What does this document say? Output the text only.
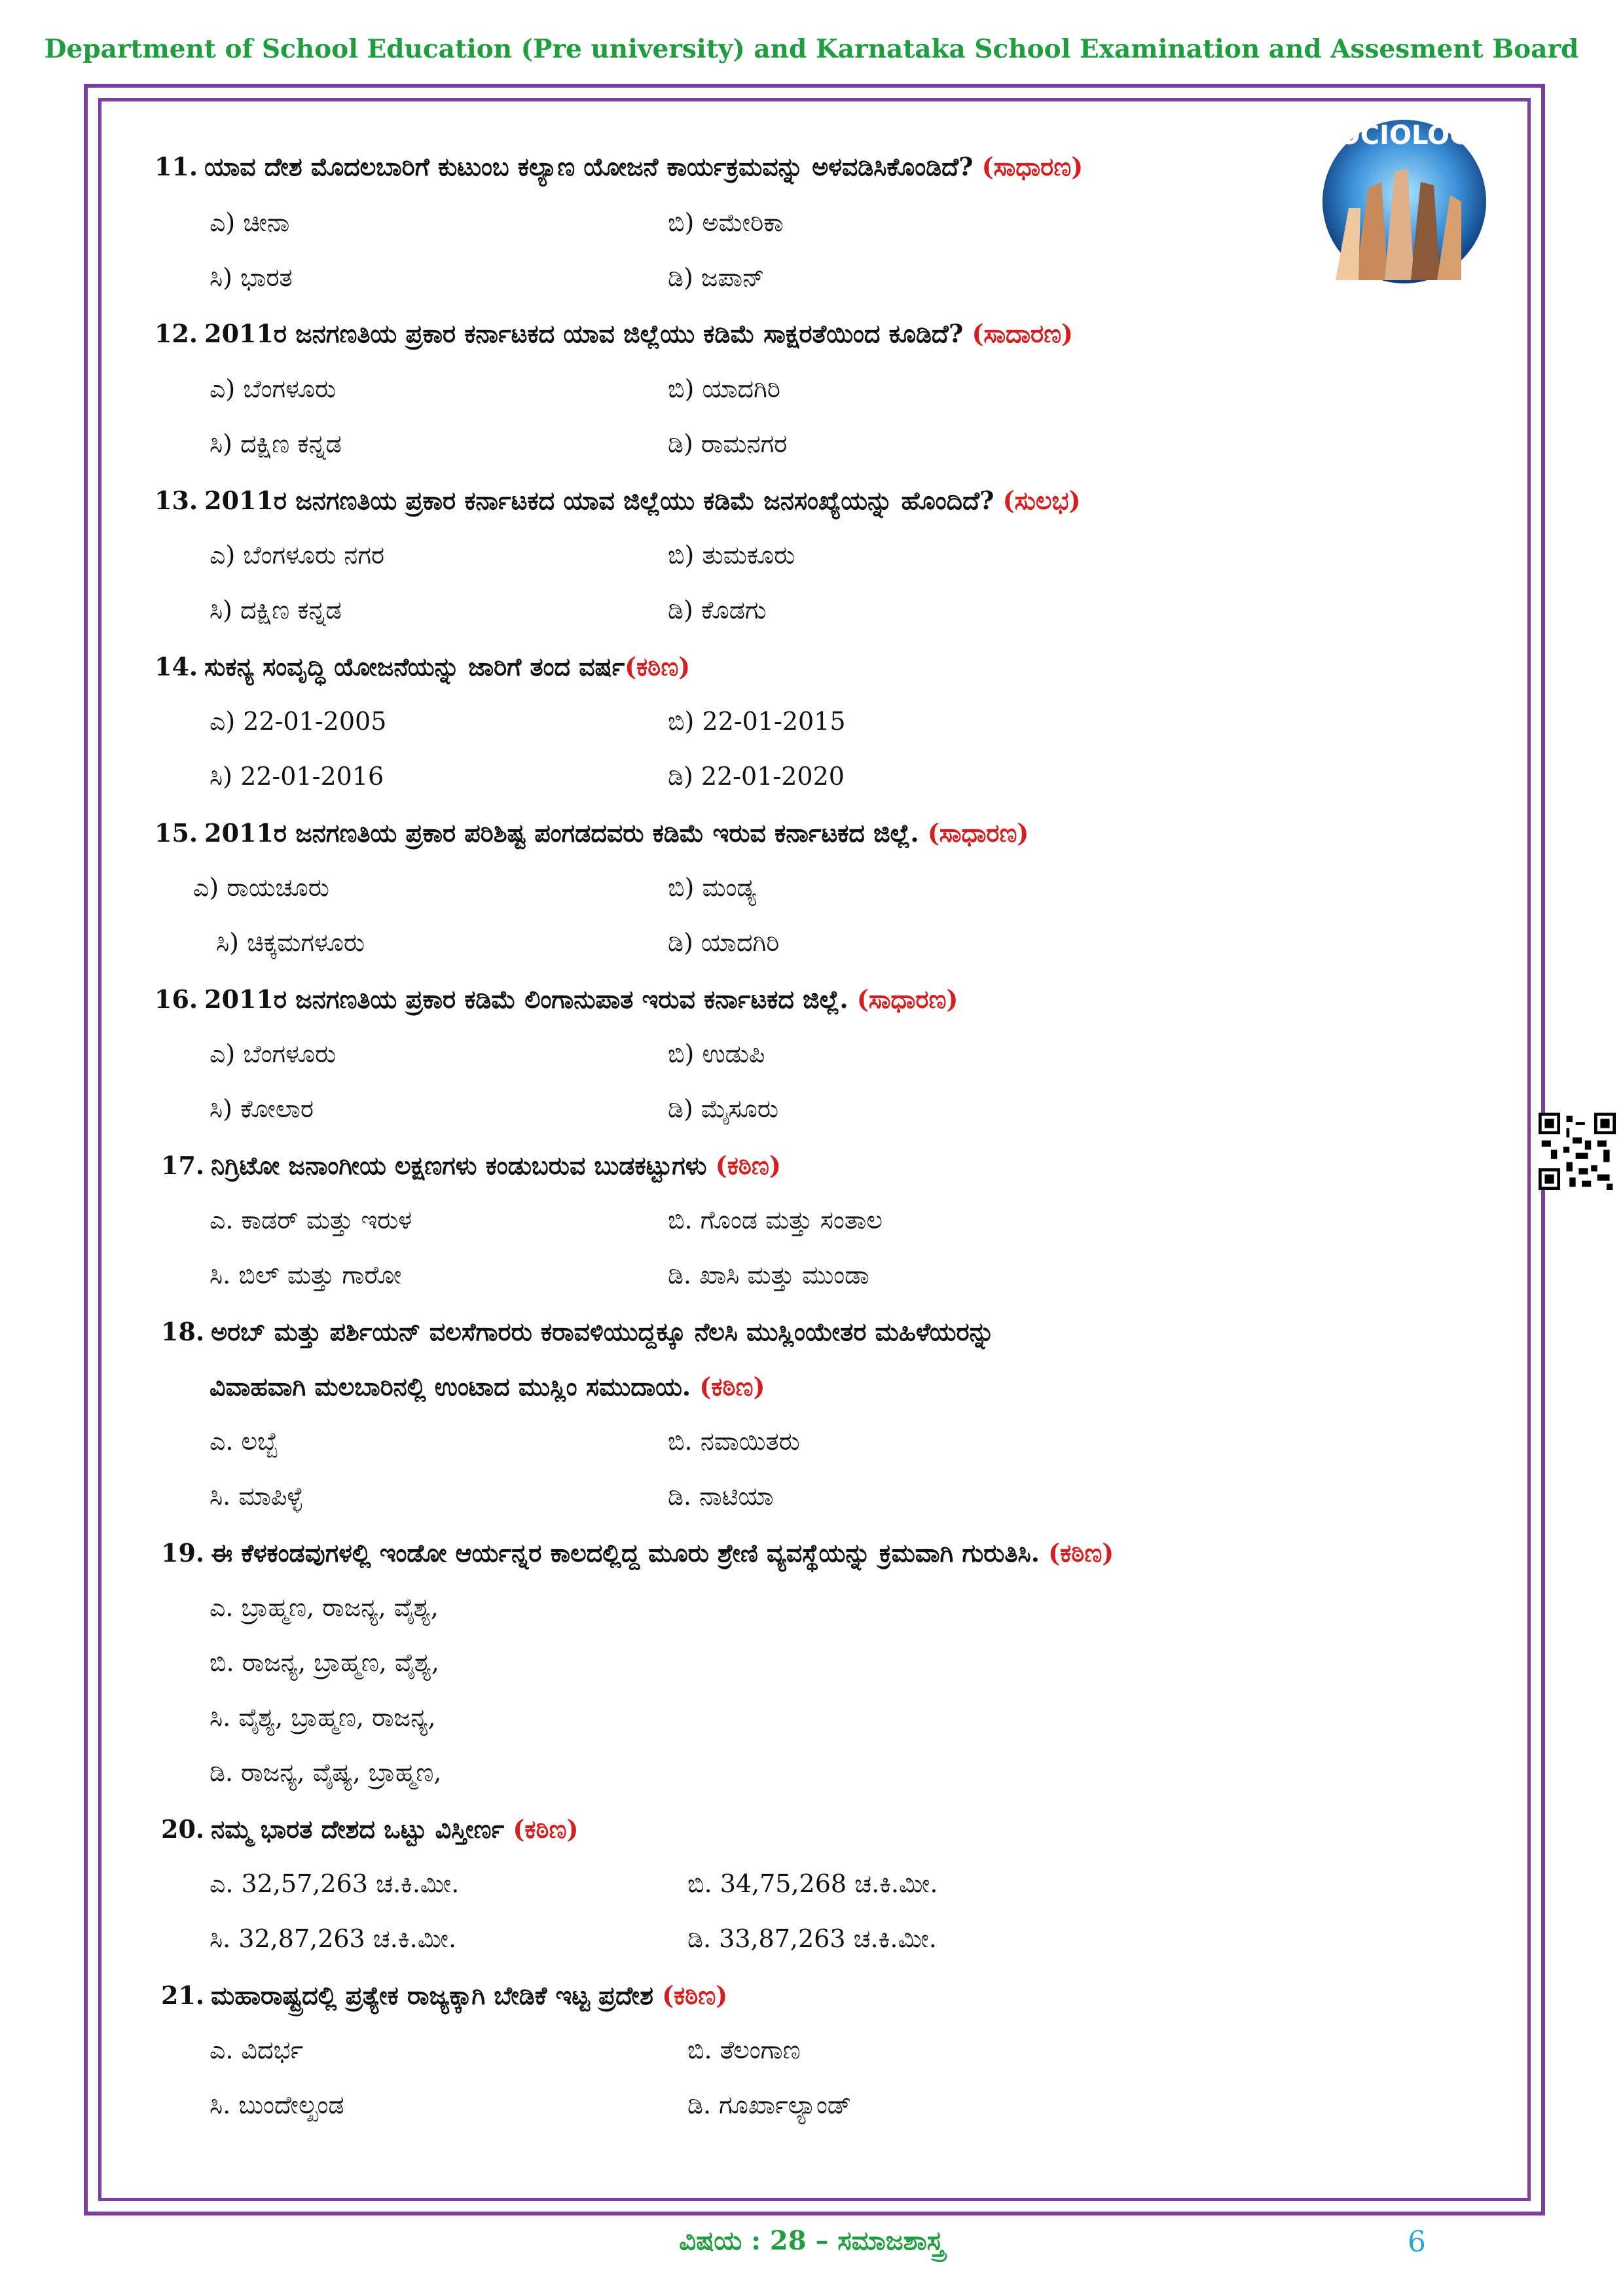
Department of School Education (Pre university) and Karnataka School Examination and Assesment Board
SOCIOLOGY
11. ಯಾವ ದೇಶ ಮೊದಲಬಾರಿಗೆ ಕುಟುಂಬ ಕಲ್ಯಾಣ ಯೋಜನೆ ಕಾರ್ಯಕ್ರಮವನ್ನು ಅಳವಡಿಸಿಕೊಂಡಿದೆ? (ಸಾಧಾರಣ)
ಎ) ಚೀನಾ	ಬಿ) ಅಮೇರಿಕಾ
ಸಿ) ಭಾರತ	ಡಿ) ಜಪಾನ್
12. 2011ರ ಜನಗಣತಿಯ ಪ್ರಕಾರ ಕರ್ನಾಟಕದ ಯಾವ ಜಿಲ್ಲೆಯು ಕಡಿಮೆ ಸಾಕ್ಷರತೆಯಿಂದ ಕೂಡಿದೆ? (ಸಾದಾರಣ)
ಎ) ಬೆಂಗಳೂರು	ಬಿ) ಯಾದಗಿರಿ
ಸಿ) ದಕ್ಷಿಣ ಕನ್ನಡ	ಡಿ) ರಾಮನಗರ
13. 2011ರ ಜನಗಣತಿಯ ಪ್ರಕಾರ ಕರ್ನಾಟಕದ ಯಾವ ಜಿಲ್ಲೆಯು ಕಡಿಮೆ ಜನಸಂಖ್ಯೆಯನ್ನು ಹೊಂದಿದೆ? (ಸುಲಭ)
ಎ) ಬೆಂಗಳೂರು ನಗರ	ಬಿ) ತುಮಕೂರು
ಸಿ) ದಕ್ಷಿಣ ಕನ್ನಡ	ಡಿ) ಕೊಡಗು
14. ಸುಕನ್ಯ ಸಂವೃದ್ಧಿ ಯೋಜನೆಯನ್ನು ಜಾರಿಗೆ ತಂದ ವರ್ಷ(ಕಠಿಣ)
ಎ) 22-01-2005	ಬಿ) 22-01-2015
ಸಿ) 22-01-2016	ಡಿ) 22-01-2020
15. 2011ರ ಜನಗಣತಿಯ ಪ್ರಕಾರ ಪರಿಶಿಷ್ಟ ಪಂಗಡದವರು ಕಡಿಮೆ ಇರುವ ಕರ್ನಾಟಕದ ಜಿಲ್ಲೆ. (ಸಾಧಾರಣ)
ಎ) ರಾಯಚೂರು	ಬಿ) ಮಂಡ್ಯ
ಸಿ) ಚಿಕ್ಕಮಗಳೂರು	ಡಿ) ಯಾದಗಿರಿ
16. 2011ರ ಜನಗಣತಿಯ ಪ್ರಕಾರ ಕಡಿಮೆ ಲಿಂಗಾನುಪಾತ ಇರುವ ಕರ್ನಾಟಕದ ಜಿಲ್ಲೆ. (ಸಾಧಾರಣ)
ಎ) ಬೆಂಗಳೂರು	ಬಿ) ಉಡುಪಿ
ಸಿ) ಕೋಲಾರ	ಡಿ) ಮೈಸೂರು
17. ನಿಗ್ರಿಟೋ ಜನಾಂಗೀಯ ಲಕ್ಷಣಗಳು ಕಂಡುಬರುವ ಬುಡಕಟ್ಟುಗಳು (ಕಠಿಣ)
ಎ. ಕಾಡರ್ ಮತ್ತು ಇರುಳ	ಬಿ. ಗೊಂಡ ಮತ್ತು ಸಂತಾಲ
ಸಿ. ಬಿಲ್ ಮತ್ತು ಗಾರೋ	ಡಿ. ಖಾಸಿ ಮತ್ತು ಮುಂಡಾ
18. ಅರಬ್ ಮತ್ತು ಪರ್ಶಿಯನ್ ವಲಸೆಗಾರರು ಕರಾವಳಿಯುದ್ದಕ್ಕೂ ನೆಲಸಿ ಮುಸ್ಲಿಂಯೇತರ ಮಹಿಳೆಯರನ್ನು
ವಿವಾಹವಾಗಿ ಮಲಬಾರಿನಲ್ಲಿ ಉಂಟಾದ ಮುಸ್ಲಿಂ ಸಮುದಾಯ. (ಕಠಿಣ)
ಎ. ಲಬ್ಬೆ	ಬಿ. ನವಾಯಿತರು
ಸಿ. ಮಾಪಿಳ್ಳೆ	ಡಿ. ನಾಟಿಯಾ
19. ಈ ಕೆಳಕಂಡವುಗಳಲ್ಲಿ ಇಂಡೋ ಆರ್ಯನ್ನರ ಕಾಲದಲ್ಲಿದ್ದ ಮೂರು ಶ್ರೇಣಿ ವ್ಯವಸ್ಥೆಯನ್ನು ಕ್ರಮವಾಗಿ ಗುರುತಿಸಿ. (ಕಠಿಣ)
ಎ. ಬ್ರಾಹ್ಮಣ, ರಾಜನ್ಯ, ವೈಶ್ಯ,
ಬಿ. ರಾಜನ್ಯ, ಬ್ರಾಹ್ಮಣ, ವೈಶ್ಯ,
ಸಿ. ವೈಶ್ಯ, ಬ್ರಾಹ್ಮಣ, ರಾಜನ್ಯ,
ಡಿ. ರಾಜನ್ಯ, ವೈಷ್ಯ, ಬ್ರಾಹ್ಮಣ,
20. ನಮ್ಮ ಭಾರತ ದೇಶದ ಒಟ್ಟು ವಿಸ್ತೀರ್ಣ (ಕಠಿಣ)
ಎ. 32,57,263 ಚ.ಕಿ.ಮೀ.	ಬಿ. 34,75,268 ಚ.ಕಿ.ಮೀ.
ಸಿ. 32,87,263 ಚ.ಕಿ.ಮೀ.	ಡಿ. 33,87,263 ಚ.ಕಿ.ಮೀ.
21. ಮಹಾರಾಷ್ಟ್ರದಲ್ಲಿ ಪ್ರತ್ಯೇಕ ರಾಜ್ಯಕ್ಕಾಗಿ ಬೇಡಿಕೆ ಇಟ್ಟ ಪ್ರದೇಶ (ಕಠಿಣ)
ಎ. ವಿದರ್ಭ	ಬಿ. ತೆಲಂಗಾಣ
ಸಿ. ಬುಂದೇಲ್ಖಂಡ	ಡಿ. ಗೂರ್ಖಾಲ್ಯಾಂಡ್
ವಿಷಯ : 28 – ಸಮಾಜಶಾಸ್ತ್ರ	6
